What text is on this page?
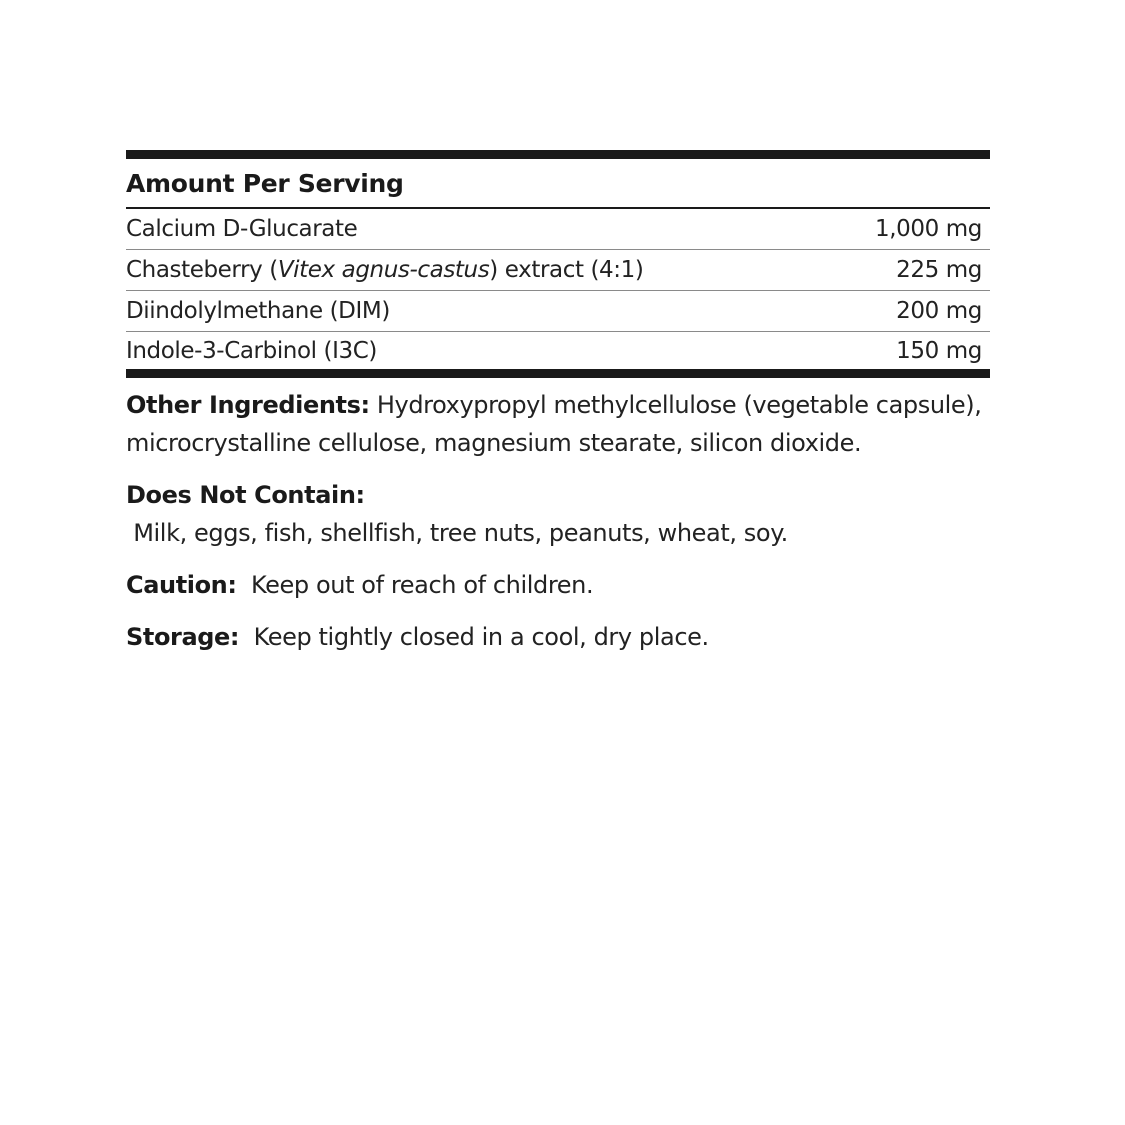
Amount Per Serving
Calcium D-Glucarate	1,000 mg
Chasteberry (Vitex agnus-castus) extract (4:1)	225 mg
Diindolylmethane (DIM)	200 mg
Indole-3-Carbinol (I3C)	150 mg

Other Ingredients: Hydroxypropyl methylcellulose (vegetable capsule), microcrystalline cellulose, magnesium stearate, silicon dioxide.

Does Not Contain: Milk, eggs, fish, shellfish, tree nuts, peanuts, wheat, soy.

Caution:  Keep out of reach of children.

Storage:  Keep tightly closed in a cool, dry place.
